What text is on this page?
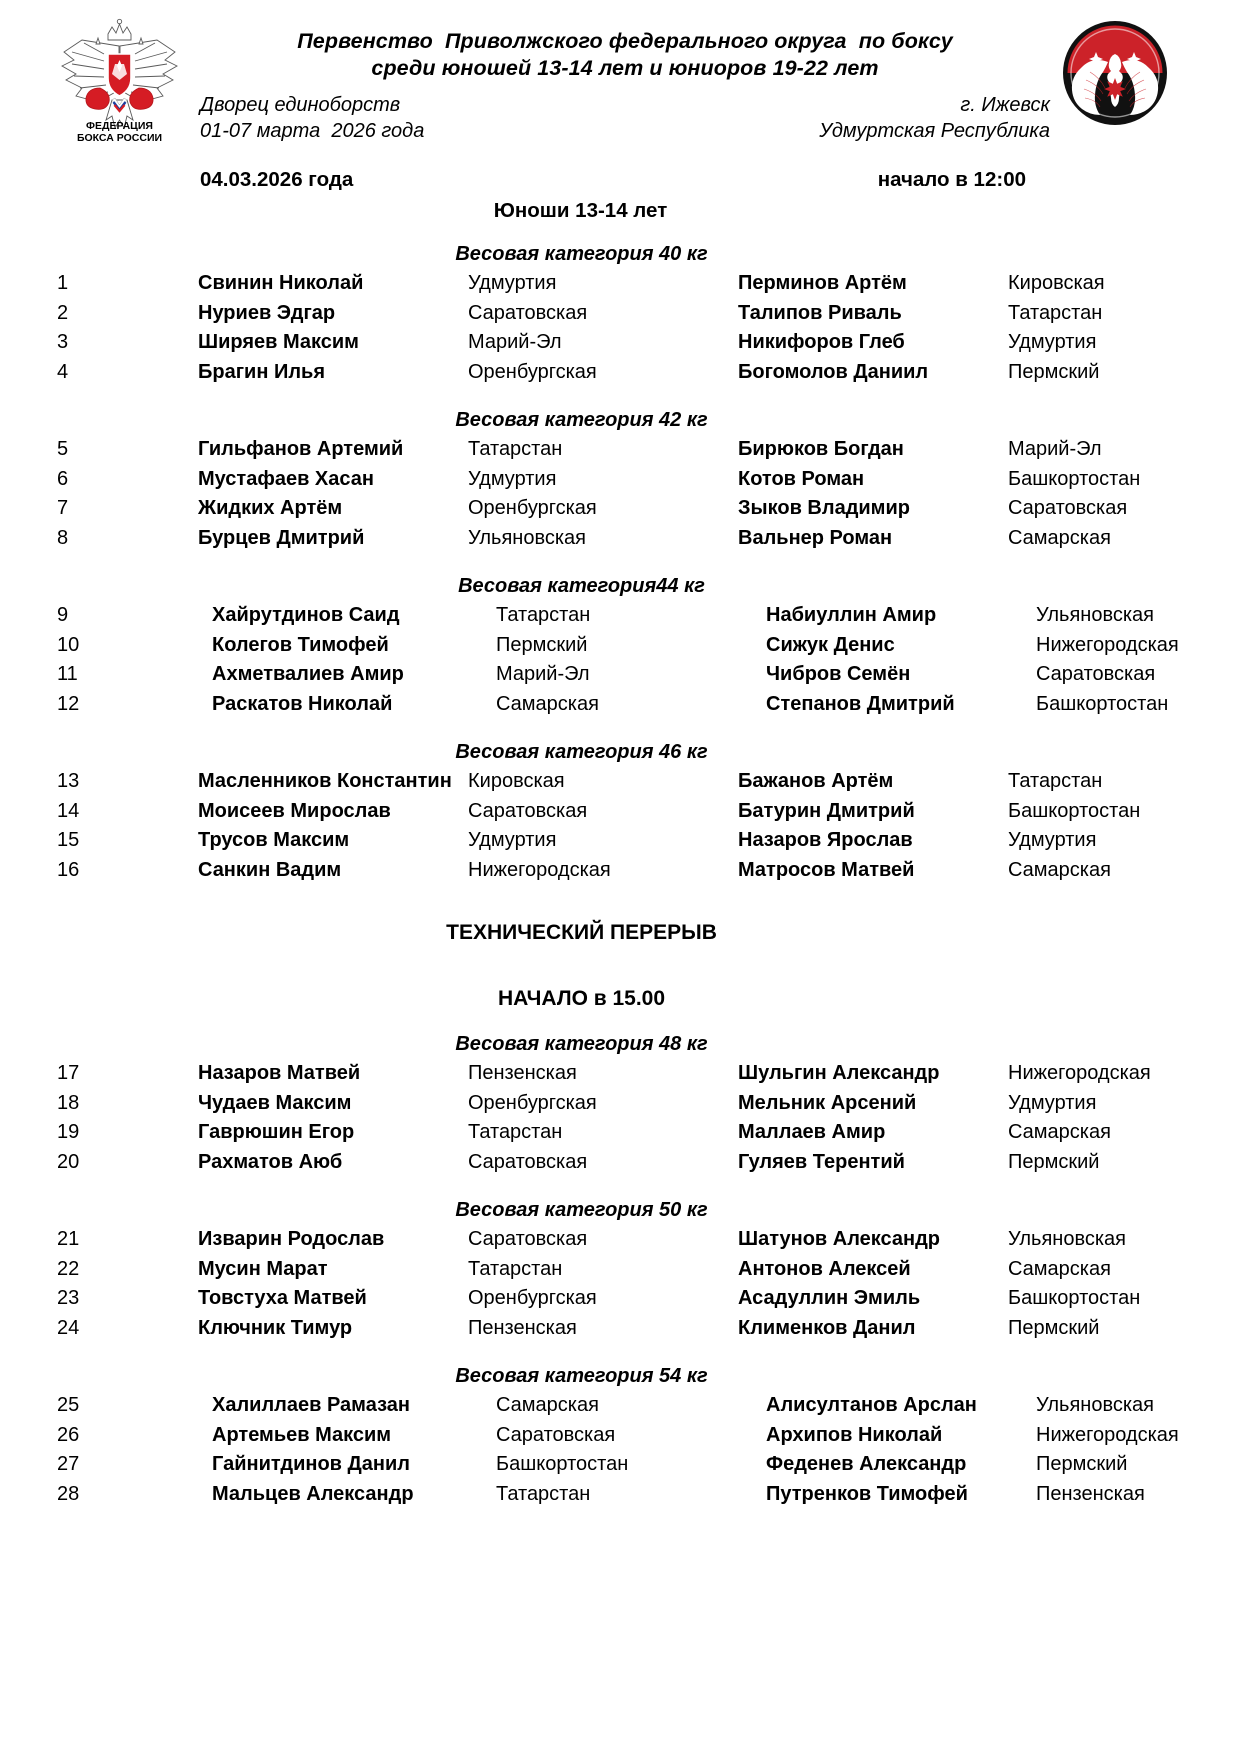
ФЕДЕРАЦИЯ
БОКСА РОССИИ
Первенство  Приволжского федерального округа  по боксу
среди юношей 13-14 лет и юниоров 19-22 лет
Дворец единоборств	г. Ижевск
01-07 марта  2026 года	Удмуртская Республика
04.03.2026 года	начало в 12:00
Юноши 13-14 лет
Весовая категория 40 кг
1	Свинин Николай	Удмуртия	Перминов Артём	Кировская
2	Нуриев Эдгар	Саратовская	Талипов Риваль	Татарстан
3	Ширяев Максим	Марий-Эл	Никифоров Глеб	Удмуртия
4	Брагин Илья	Оренбургская	Богомолов Даниил	Пермский
Весовая категория 42 кг
5	Гильфанов Артемий	Татарстан	Бирюков Богдан	Марий-Эл
6	Мустафаев Хасан	Удмуртия	Котов Роман	Башкортостан
7	Жидких Артём	Оренбургская	Зыков Владимир	Саратовская
8	Бурцев Дмитрий	Ульяновская	Вальнер Роман	Самарская
Весовая категория44 кг
9	Хайрутдинов Саид	Татарстан	Набиуллин Амир	Ульяновская
10	Колегов Тимофей	Пермский	Сижук Денис	Нижегородская
11	Ахметвалиев Амир	Марий-Эл	Чибров Семён	Саратовская
12	Раскатов Николай	Самарская	Степанов Дмитрий	Башкортостан
Весовая категория 46 кг
13	Масленников Константин	Кировская	Бажанов Артём	Татарстан
14	Моисеев Мирослав	Саратовская	Батурин Дмитрий	Башкортостан
15	Трусов Максим	Удмуртия	Назаров Ярослав	Удмуртия
16	Санкин Вадим	Нижегородская	Матросов Матвей	Самарская
ТЕХНИЧЕСКИЙ ПЕРЕРЫВ
НАЧАЛО в 15.00
Весовая категория 48 кг
17	Назаров Матвей	Пензенская	Шульгин Александр	Нижегородская
18	Чудаев Максим	Оренбургская	Мельник Арсений	Удмуртия
19	Гаврюшин Егор	Татарстан	Маллаев Амир	Самарская
20	Рахматов Аюб	Саратовская	Гуляев Терентий	Пермский
Весовая категория 50 кг
21	Изварин Родослав	Саратовская	Шатунов Александр	Ульяновская
22	Мусин Марат	Татарстан	Антонов Алексей	Самарская
23	Товстуха Матвей	Оренбургская	Асадуллин Эмиль	Башкортостан
24	Ключник Тимур	Пензенская	Клименков Данил	Пермский
Весовая категория 54 кг
25	Халиллаев Рамазан	Самарская	Алисултанов Арслан	Ульяновская
26	Артемьев Максим	Саратовская	Архипов Николай	Нижегородская
27	Гайнитдинов Данил	Башкортостан	Феденев Александр	Пермский
28	Мальцев Александр	Татарстан	Путренков Тимофей	Пензенская
